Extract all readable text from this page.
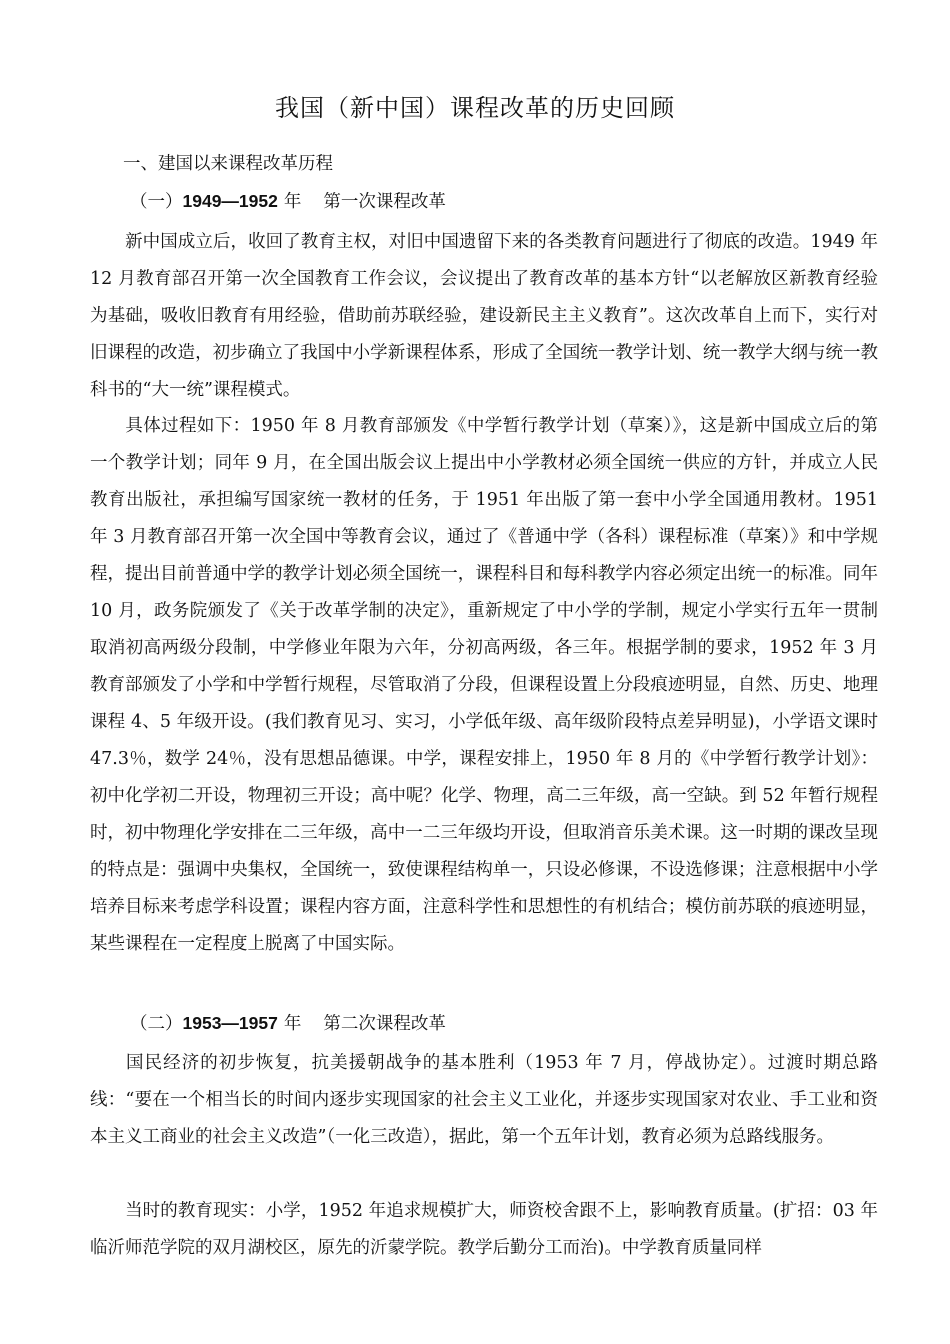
我国（新中国）课程改革的历史回顾
一、建国以来课程改革历程
（一）1949—1952 年 第一次课程改革
新中国成立后，收回了教育主权，对旧中国遗留下来的各类教育问题进行了彻底的改造。1949 年 12 月教育部召开第一次全国教育工作会议，会议提出了教育改革的基本方针“以老解放区新教育经验为基础，吸收旧教育有用经验，借助前苏联经验，建设新民主主义教育”。这次改革自上而下，实行对旧课程的改造，初步确立了我国中小学新课程体系，形成了全国统一教学计划、统一教学大纲与统一教科书的“大一统”课程模式。
具体过程如下：1950 年 8 月教育部颁发《中学暂行教学计划（草案）》，这是新中国成立后的第一个教学计划；同年 9 月，在全国出版会议上提出中小学教材必须全国统一供应的方针，并成立人民教育出版社，承担编写国家统一教材的任务，于 1951 年出版了第一套中小学全国通用教材。1951 年 3 月教育部召开第一次全国中等教育会议，通过了《普通中学（各科）课程标准（草案）》和中学规程，提出目前普通中学的教学计划必须全国统一，课程科目和每科教学内容必须定出统一的标准。同年 10 月，政务院颁发了《关于改革学制的决定》，重新规定了中小学的学制，规定小学实行五年一贯制取消初高两级分段制，中学修业年限为六年，分初高两级，各三年。根据学制的要求，1952 年 3 月教育部颁发了小学和中学暂行规程，尽管取消了分段，但课程设置上分段痕迹明显，自然、历史、地理课程 4、5 年级开设。(我们教育见习、实习，小学低年级、高年级阶段特点差异明显)，小学语文课时 47.3％，数学 24％，没有思想品德课。中学，课程安排上，1950 年 8 月的《中学暂行教学计划》：初中化学初二开设，物理初三开设；高中呢？化学、物理，高二三年级，高一空缺。到 52 年暂行规程时，初中物理化学安排在二三年级，高中一二三年级均开设，但取消音乐美术课。这一时期的课改呈现的特点是：强调中央集权，全国统一，致使课程结构单一，只设必修课，不设选修课；注意根据中小学培养目标来考虑学科设置；课程内容方面，注意科学性和思想性的有机结合；模仿前苏联的痕迹明显，某些课程在一定程度上脱离了中国实际。
（二）1953—1957 年 第二次课程改革
国民经济的初步恢复，抗美援朝战争的基本胜利（1953 年 7 月，停战协定）。过渡时期总路线：“要在一个相当长的时间内逐步实现国家的社会主义工业化，并逐步实现国家对农业、手工业和资本主义工商业的社会主义改造”（一化三改造），据此，第一个五年计划，教育必须为总路线服务。
当时的教育现实：小学，1952 年追求规模扩大，师资校舍跟不上，影响教育质量。(扩招：03 年临沂师范学院的双月湖校区，原先的沂蒙学院。教学后勤分工而治)。中学教育质量同样
